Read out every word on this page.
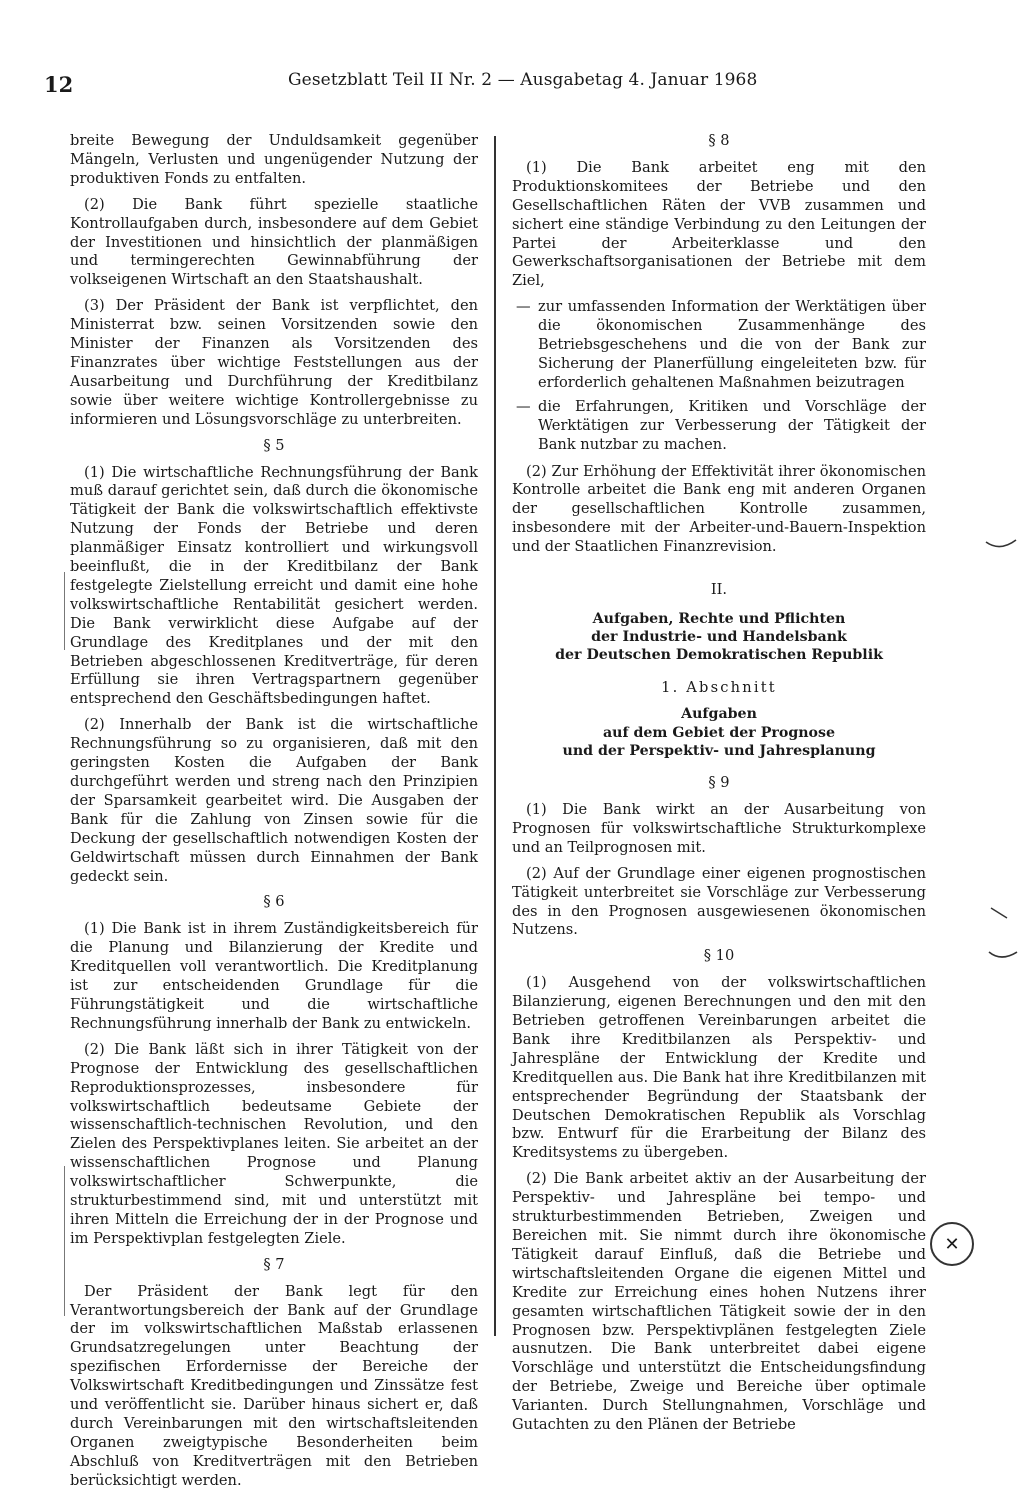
12	Gesetzblatt Teil II Nr. 2 — Ausgabetag 4. Januar 1968

breite Bewegung der Unduldsamkeit gegenüber Mängeln, Verlusten und ungenügender Nutzung der produktiven Fonds zu entfalten.

(2) Die Bank führt spezielle staatliche Kontrollaufgaben durch, insbesondere auf dem Gebiet der Investitionen und hinsichtlich der planmäßigen und termingerechten Gewinnabführung der volkseigenen Wirtschaft an den Staatshaushalt.

(3) Der Präsident der Bank ist verpflichtet, den Ministerrat bzw. seinen Vorsitzenden sowie den Minister der Finanzen als Vorsitzenden des Finanzrates über wichtige Feststellungen aus der Ausarbeitung und Durchführung der Kreditbilanz sowie über weitere wichtige Kontrollergebnisse zu informieren und Lösungsvorschläge zu unterbreiten.

§ 5

(1) Die wirtschaftliche Rechnungsführung der Bank muß darauf gerichtet sein, daß durch die ökonomische Tätigkeit der Bank die volkswirtschaftlich effektivste Nutzung der Fonds der Betriebe und deren planmäßiger Einsatz kontrolliert und wirkungsvoll beeinflußt, die in der Kreditbilanz der Bank festgelegte Zielstellung erreicht und damit eine hohe volkswirtschaftliche Rentabilität gesichert werden. Die Bank verwirklicht diese Aufgabe auf der Grundlage des Kreditplanes und der mit den Betrieben abgeschlossenen Kreditverträge, für deren Erfüllung sie ihren Vertragspartnern gegenüber entsprechend den Geschäftsbedingungen haftet.

(2) Innerhalb der Bank ist die wirtschaftliche Rechnungsführung so zu organisieren, daß mit den geringsten Kosten die Aufgaben der Bank durchgeführt werden und streng nach den Prinzipien der Sparsamkeit gearbeitet wird. Die Ausgaben der Bank für die Zahlung von Zinsen sowie für die Deckung der gesellschaftlich notwendigen Kosten der Geldwirtschaft müssen durch Einnahmen der Bank gedeckt sein.

§ 6

(1) Die Bank ist in ihrem Zuständigkeitsbereich für die Planung und Bilanzierung der Kredite und Kreditquellen voll verantwortlich. Die Kreditplanung ist zur entscheidenden Grundlage für die Führungstätigkeit und die wirtschaftliche Rechnungsführung innerhalb der Bank zu entwickeln.

(2) Die Bank läßt sich in ihrer Tätigkeit von der Prognose der Entwicklung des gesellschaftlichen Reproduktionsprozesses, insbesondere für volkswirtschaftlich bedeutsame Gebiete der wissenschaftlich-technischen Revolution, und den Zielen des Perspektivplanes leiten. Sie arbeitet an der wissenschaftlichen Prognose und Planung volkswirtschaftlicher Schwerpunkte, die strukturbestimmend sind, mit und unterstützt mit ihren Mitteln die Erreichung der in der Prognose und im Perspektivplan festgelegten Ziele.

§ 7

Der Präsident der Bank legt für den Verantwortungsbereich der Bank auf der Grundlage der im volkswirtschaftlichen Maßstab erlassenen Grundsatzregelungen unter Beachtung der spezifischen Erfordernisse der Bereiche der Volkswirtschaft Kreditbedingungen und Zinssätze fest und veröffentlicht sie. Darüber hinaus sichert er, daß durch Vereinbarungen mit den wirtschaftsleitenden Organen zweigtypische Besonderheiten beim Abschluß von Kreditverträgen mit den Betrieben berücksichtigt werden.

§ 8

(1) Die Bank arbeitet eng mit den Produktionskomitees der Betriebe und den Gesellschaftlichen Räten der VVB zusammen und sichert eine ständige Verbindung zu den Leitungen der Partei der Arbeiterklasse und den Gewerkschaftsorganisationen der Betriebe mit dem Ziel,

— zur umfassenden Information der Werktätigen über die ökonomischen Zusammenhänge des Betriebsgeschehens und die von der Bank zur Sicherung der Planerfüllung eingeleiteten bzw. für erforderlich gehaltenen Maßnahmen beizutragen
— die Erfahrungen, Kritiken und Vorschläge der Werktätigen zur Verbesserung der Tätigkeit der Bank nutzbar zu machen.

(2) Zur Erhöhung der Effektivität ihrer ökonomischen Kontrolle arbeitet die Bank eng mit anderen Organen der gesellschaftlichen Kontrolle zusammen, insbesondere mit der Arbeiter-und-Bauern-Inspektion und der Staatlichen Finanzrevision.

II.
Aufgaben, Rechte und Pflichten
der Industrie- und Handelsbank
der Deutschen Demokratischen Republik
1. Abschnitt
Aufgaben
auf dem Gebiet der Prognose
und der Perspektiv- und Jahresplanung
§ 9

(1) Die Bank wirkt an der Ausarbeitung von Prognosen für volkswirtschaftliche Strukturkomplexe und an Teilprognosen mit.

(2) Auf der Grundlage einer eigenen prognostischen Tätigkeit unterbreitet sie Vorschläge zur Verbesserung des in den Prognosen ausgewiesenen ökonomischen Nutzens.

§ 10

(1) Ausgehend von der volkswirtschaftlichen Bilanzierung, eigenen Berechnungen und den mit den Betrieben getroffenen Vereinbarungen arbeitet die Bank ihre Kreditbilanzen als Perspektiv- und Jahrespläne der Entwicklung der Kredite und Kreditquellen aus. Die Bank hat ihre Kreditbilanzen mit entsprechender Begründung der Staatsbank der Deutschen Demokratischen Republik als Vorschlag bzw. Entwurf für die Erarbeitung der Bilanz des Kreditsystems zu übergeben.

(2) Die Bank arbeitet aktiv an der Ausarbeitung der Perspektiv- und Jahrespläne bei tempo- und strukturbestimmenden Betrieben, Zweigen und Bereichen mit. Sie nimmt durch ihre ökonomische Tätigkeit darauf Einfluß, daß die Betriebe und wirtschaftsleitenden Organe die eigenen Mittel und Kredite zur Erreichung eines hohen Nutzens ihrer gesamten wirtschaftlichen Tätigkeit sowie der in den Prognosen bzw. Perspektivplänen festgelegten Ziele ausnutzen. Die Bank unterbreitet dabei eigene Vorschläge und unterstützt die Entscheidungsfindung der Betriebe, Zweige und Bereiche über optimale Varianten. Durch Stellungnahmen, Vorschläge und Gutachten zu den Plänen der Betriebe

✕
